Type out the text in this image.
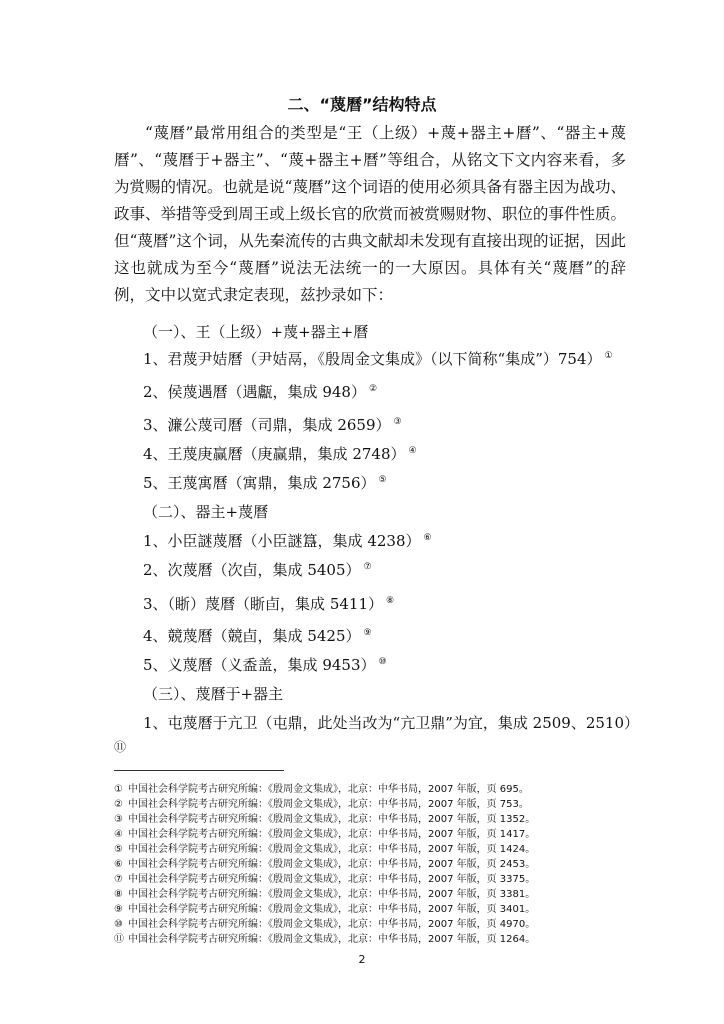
二、“蔑曆”结构特点

“蔑曆”最常用组合的类型是“王（上级）+蔑+器主+曆”、“器主+蔑曆”、“蔑曆于+器主”、“蔑+器主+曆”等组合，从铭文下文内容来看，多为赏赐的情况。也就是说“蔑曆”这个词语的使用必须具备有器主因为战功、政事、举措等受到周王或上级长官的欣赏而被赏赐财物、职位的事件性质。但“蔑曆”这个词，从先秦流传的古典文献却未发现有直接出现的证据，因此这也就成为至今“蔑曆”说法无法统一的一大原因。具体有关“蔑曆”的辞例，文中以宽式隶定表现，兹抄录如下：

（一）、王（上级）+蔑+器主+曆
1、君蔑尹姞曆（尹姞鬲，《殷周金文集成》（以下简称“集成”）754） ①
2、侯蔑遇曆（遇甗，集成 948） ②
3、濂公蔑司曆（司鼎，集成 2659） ③
4、王蔑庚赢曆（庚赢鼎，集成 2748） ④
5、王蔑寓曆（寓鼎，集成 2756） ⑤
（二）、器主+蔑曆
1、小臣謎蔑曆（小臣謎簋，集成 4238） ⑥
2、次蔑曆（次卣，集成 5405） ⑦
3、（䀿）蔑曆（䀿卣，集成 5411） ⑧
4、競蔑曆（競卣，集成 5425） ⑨
5、义蔑曆（义盉盖，集成 9453） ⑩
（三）、蔑曆于+器主
1、屯蔑曆于亢卫（屯鼎，此处当改为“亢卫鼎”为宜，集成 2509、2510）
⑪
① 中国社会科学院考古研究所编：《殷周金文集成》，北京：中华书局，2007 年版，页 695。
② 中国社会科学院考古研究所编：《殷周金文集成》，北京：中华书局，2007 年版，页 753。
③ 中国社会科学院考古研究所编：《殷周金文集成》，北京：中华书局，2007 年版，页 1352。
④ 中国社会科学院考古研究所编：《殷周金文集成》，北京：中华书局，2007 年版，页 1417。
⑤ 中国社会科学院考古研究所编：《殷周金文集成》，北京：中华书局，2007 年版，页 1424。
⑥ 中国社会科学院考古研究所编：《殷周金文集成》，北京：中华书局，2007 年版，页 2453。
⑦ 中国社会科学院考古研究所编：《殷周金文集成》，北京：中华书局，2007 年版，页 3375。
⑧ 中国社会科学院考古研究所编：《殷周金文集成》，北京：中华书局，2007 年版，页 3381。
⑨ 中国社会科学院考古研究所编：《殷周金文集成》，北京：中华书局，2007 年版，页 3401。
⑩ 中国社会科学院考古研究所编：《殷周金文集成》，北京：中华书局，2007 年版，页 4970。
⑪ 中国社会科学院考古研究所编：《殷周金文集成》，北京：中华书局，2007 年版，页 1264。
2
